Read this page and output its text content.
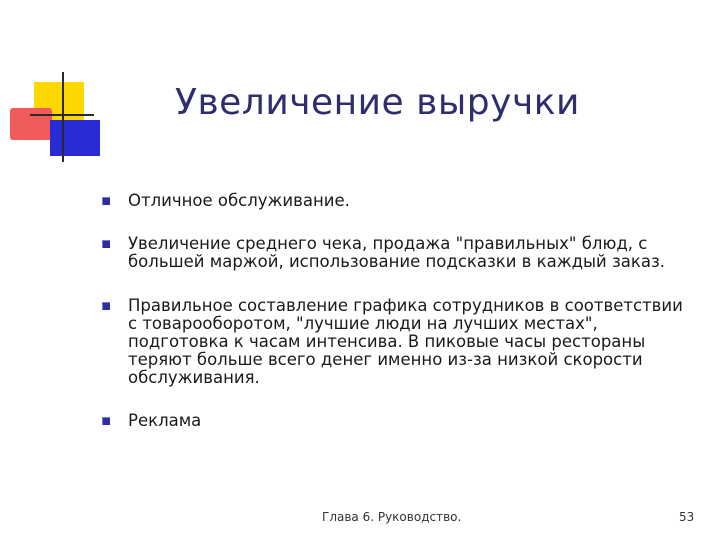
Увеличение выручки
Отличное обслуживание.
Увеличение среднего чека, продажа "правильных" блюд, с большей маржой, использование подсказки в каждый заказ.
Правильное составление графика сотрудников в соответствии с товарооборотом, "лучшие люди на лучших местах", подготовка к часам интенсива. В пиковые часы рестораны теряют больше всего денег именно из-за низкой скорости обслуживания.
Реклама
Глава 6. Руководство.	53
